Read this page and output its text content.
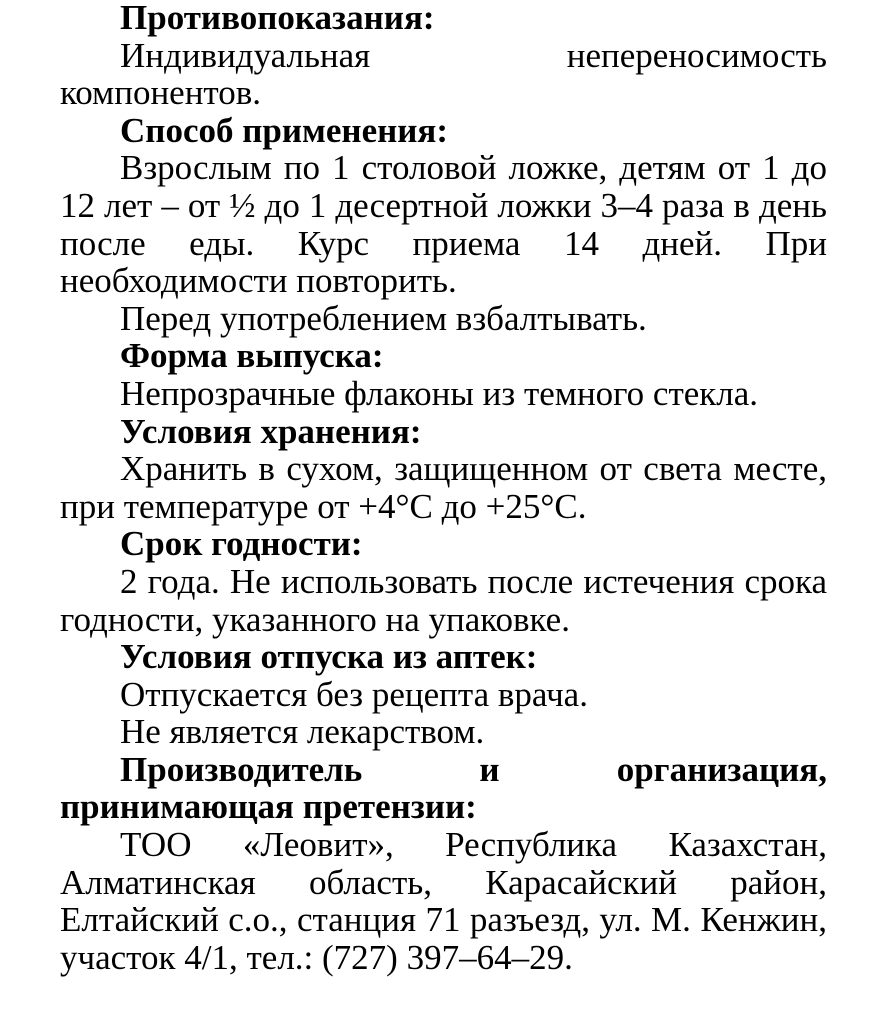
Противопоказания:

Индивидуальная непереносимость компонентов.

Способ применения:

Взрослым по 1 столовой ложке, детям от 1 до 12 лет – от ½ до 1 десертной ложки 3–4 раза в день после еды. Курс приема 14 дней. При необходимости повторить.

Перед употреблением взбалтывать.

Форма выпуска:

Непрозрачные флаконы из темного стекла.

Условия хранения:

Хранить в сухом, защищенном от света месте, при температуре от +4°С до +25°С.

Срок годности:

2 года. Не использовать после истечения срока годности, указанного на упаковке.

Условия отпуска из аптек:

Отпускается без рецепта врача.

Не является лекарством.

Производитель и организация, принимающая претензии:

ТОО «Леовит», Республика Казахстан, Алматинская область, Карасайский район, Елтайский с.о., станция 71 разъезд, ул. М. Кенжин, участок 4/1, тел.: (727) 397–64–29.
